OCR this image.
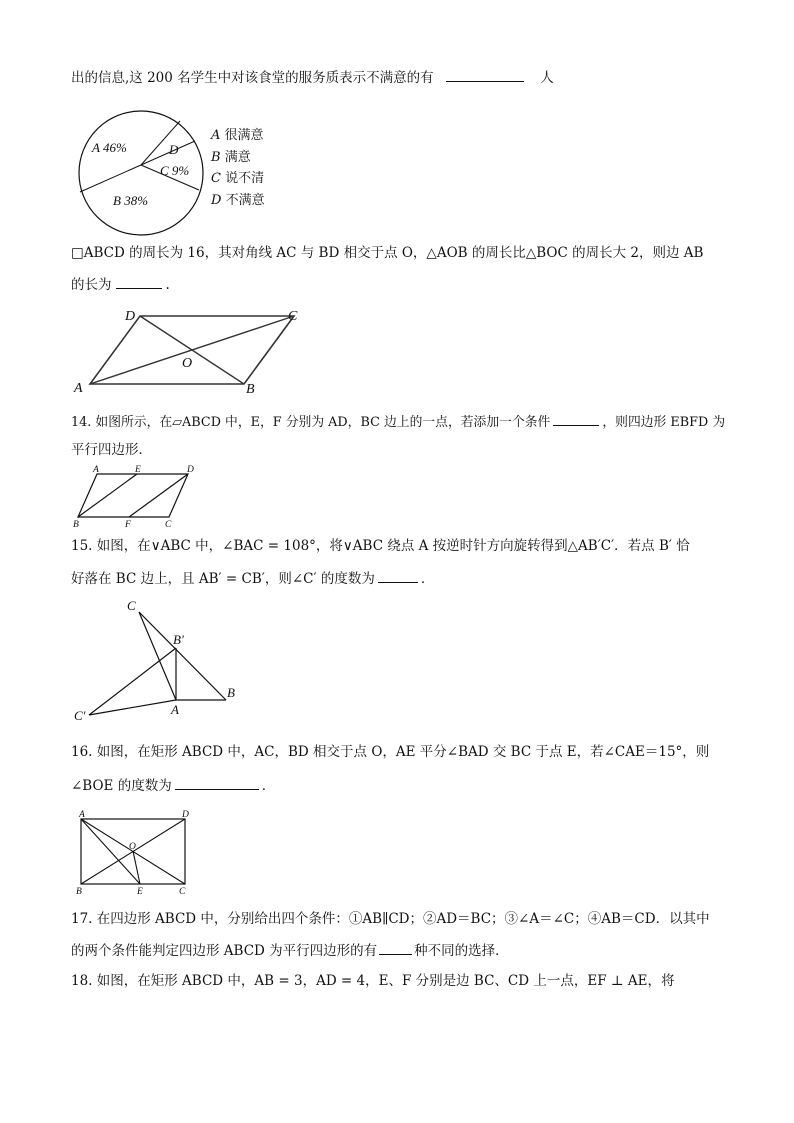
出的信息,这 200 名学生中对该食堂的服务质表示不满意的有	人
A 46%
B 38%
C 9%
D
A 很满意
B 满意
C 说不清
D 不满意
□ABCD 的周长为 16，其对角线 AC 与 BD 相交于点 O，△AOB 的周长比△BOC 的周长大 2，则边 AB
的长为	.
A	B
C
D
O
14. 如图所示，在▱ABCD 中，E，F 分别为 AD，BC 边上的一点，若添加一个条件	，则四边形 EBFD 为
平行四边形．
A	E	D
B	F	C
15. 如图，在∨ABC 中，∠BAC = 108°，将∨ABC 绕点 A 按逆时针方向旋转得到△AB′C′．若点 B′ 恰
好落在 BC 边上，且 AB′ = CB′，则∠C′ 的度数为	．
C
B′
B
A
C′
16. 如图，在矩形 ABCD 中，AC，BD 相交于点 O，AE 平分∠BAD 交 BC 于点 E，若∠CAE＝15°，则
∠BOE 的度数为	．
A	D
O
B	E	C
17. 在四边形 ABCD 中，分别给出四个条件：①AB∥CD；②AD＝BC；③∠A＝∠C；④AB＝CD．以其中
的两个条件能判定四边形 ABCD 为平行四边形的有	种不同的选择．
18. 如图，在矩形 ABCD 中，AB = 3，AD = 4，E、F 分别是边 BC、CD 上一点，EF ⊥ AE，将
